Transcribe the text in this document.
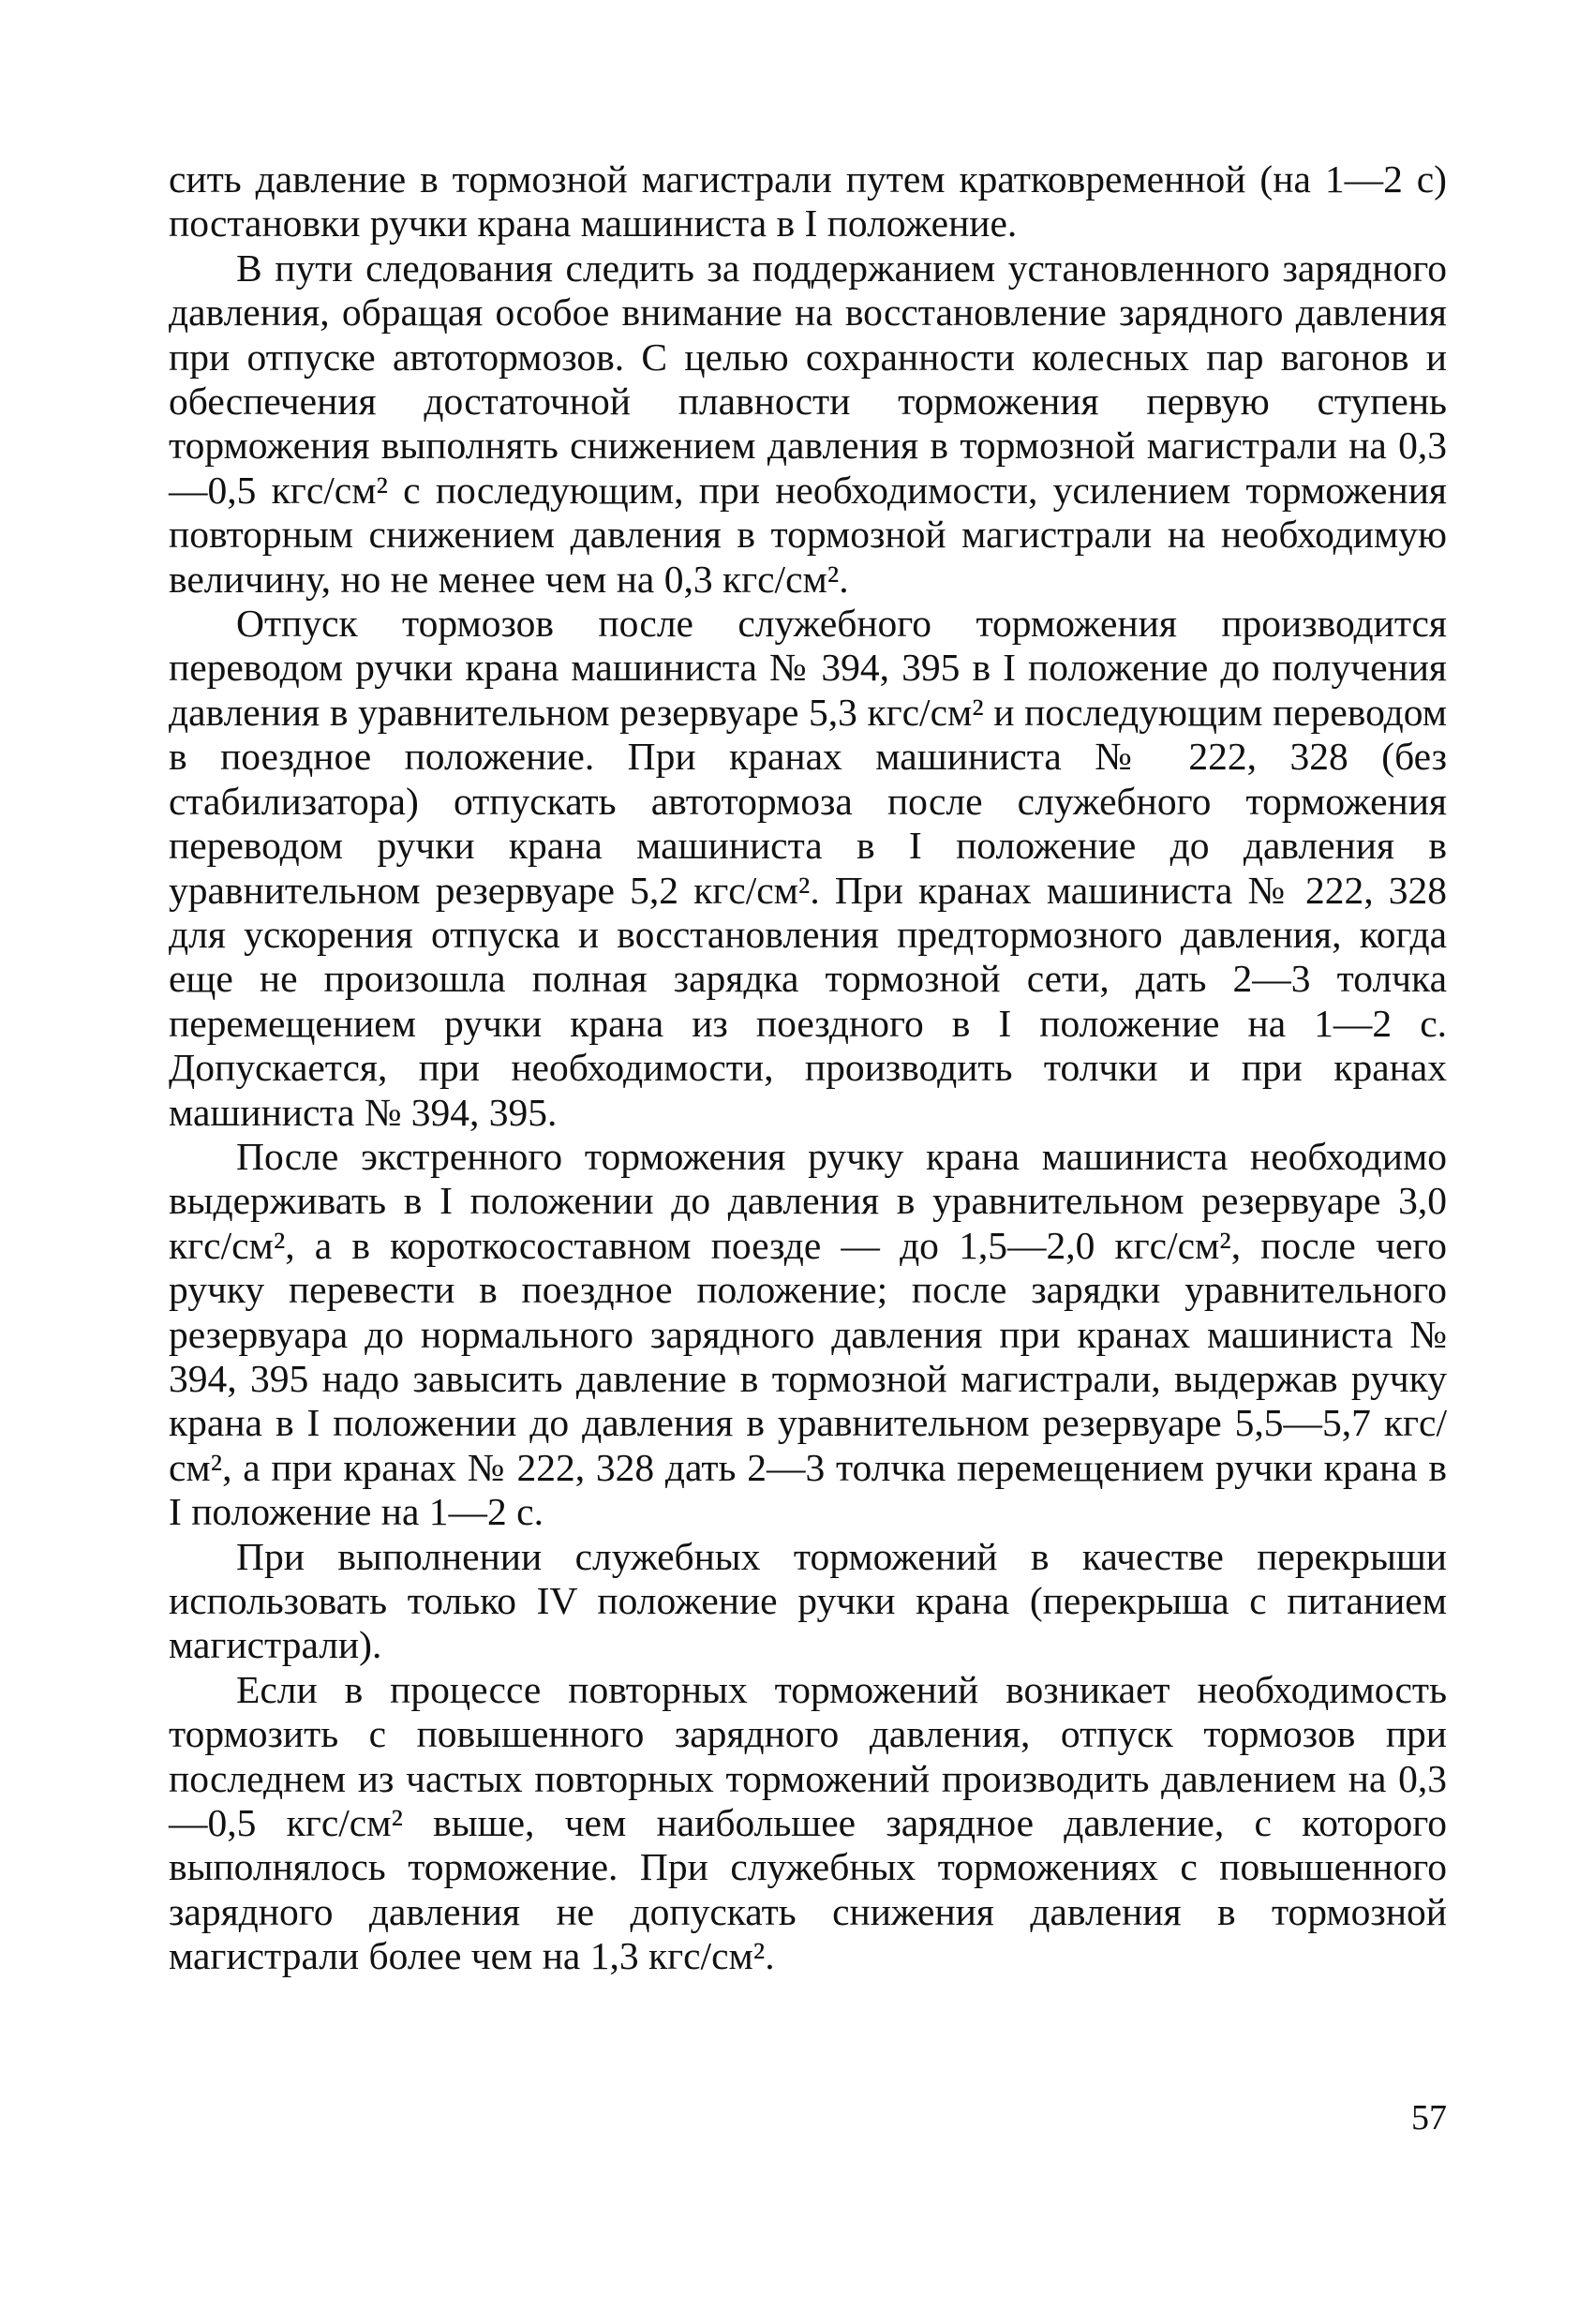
сить давление в тормозной магистрали путем кратковременной (на 1—2 с) постановки ручки крана машиниста в I положение.

В пути следования следить за поддержанием установленного зарядного давления, обращая особое внимание на восстановление зарядного давления при отпуске автотормозов. С целью сохранности колесных пар вагонов и обеспечения достаточной плавности торможения первую ступень торможения выполнять снижением давления в тормозной магистрали на 0,3—0,5 кгс/см² с последующим, при необходимости, усилением торможения повторным снижением давления в тормозной магистрали на необходимую величину, но не менее чем на 0,3 кгс/см².

Отпуск тормозов после служебного торможения производится переводом ручки крана машиниста № 394, 395 в I положение до получения давления в уравнительном резервуаре 5,3 кгс/см² и последующим переводом в поездное положение. При кранах машиниста № 222, 328 (без стабилизатора) отпускать автотормоза после служебного торможения переводом ручки крана машиниста в I положение до давления в уравнительном резервуаре 5,2 кгс/см². При кранах машиниста № 222, 328 для ускорения отпуска и восстановления предтормозного давления, когда еще не произошла полная зарядка тормозной сети, дать 2—3 толчка перемещением ручки крана из поездного в I положение на 1—2 с. Допускается, при необходимости, производить толчки и при кранах машиниста № 394, 395.

После экстренного торможения ручку крана машиниста необходимо выдерживать в I положении до давления в уравнительном резервуаре 3,0 кгс/см², а в короткосоставном поезде — до 1,5—2,0 кгс/см², после чего ручку перевести в поездное положение; после зарядки уравнительного резервуара до нормального зарядного давления при кранах машиниста № 394, 395 надо завысить давление в тормозной магистрали, выдержав ручку крана в I положении до давления в уравнительном резервуаре 5,5—5,7 кгс/см², а при кранах № 222, 328 дать 2—3 толчка перемещением ручки крана в I положение на 1—2 с.

При выполнении служебных торможений в качестве перекрыши использовать только IV положение ручки крана (перекрыша с питанием магистрали).

Если в процессе повторных торможений возникает необходимость тормозить с повышенного зарядного давления, отпуск тормозов при последнем из частых повторных торможений производить давлением на 0,3—0,5 кгс/см² выше, чем наибольшее зарядное давление, с которого выполнялось торможение. При служебных торможениях с повышенного зарядного давления не допускать снижения давления в тормозной магистрали более чем на 1,3 кгс/см².

57
